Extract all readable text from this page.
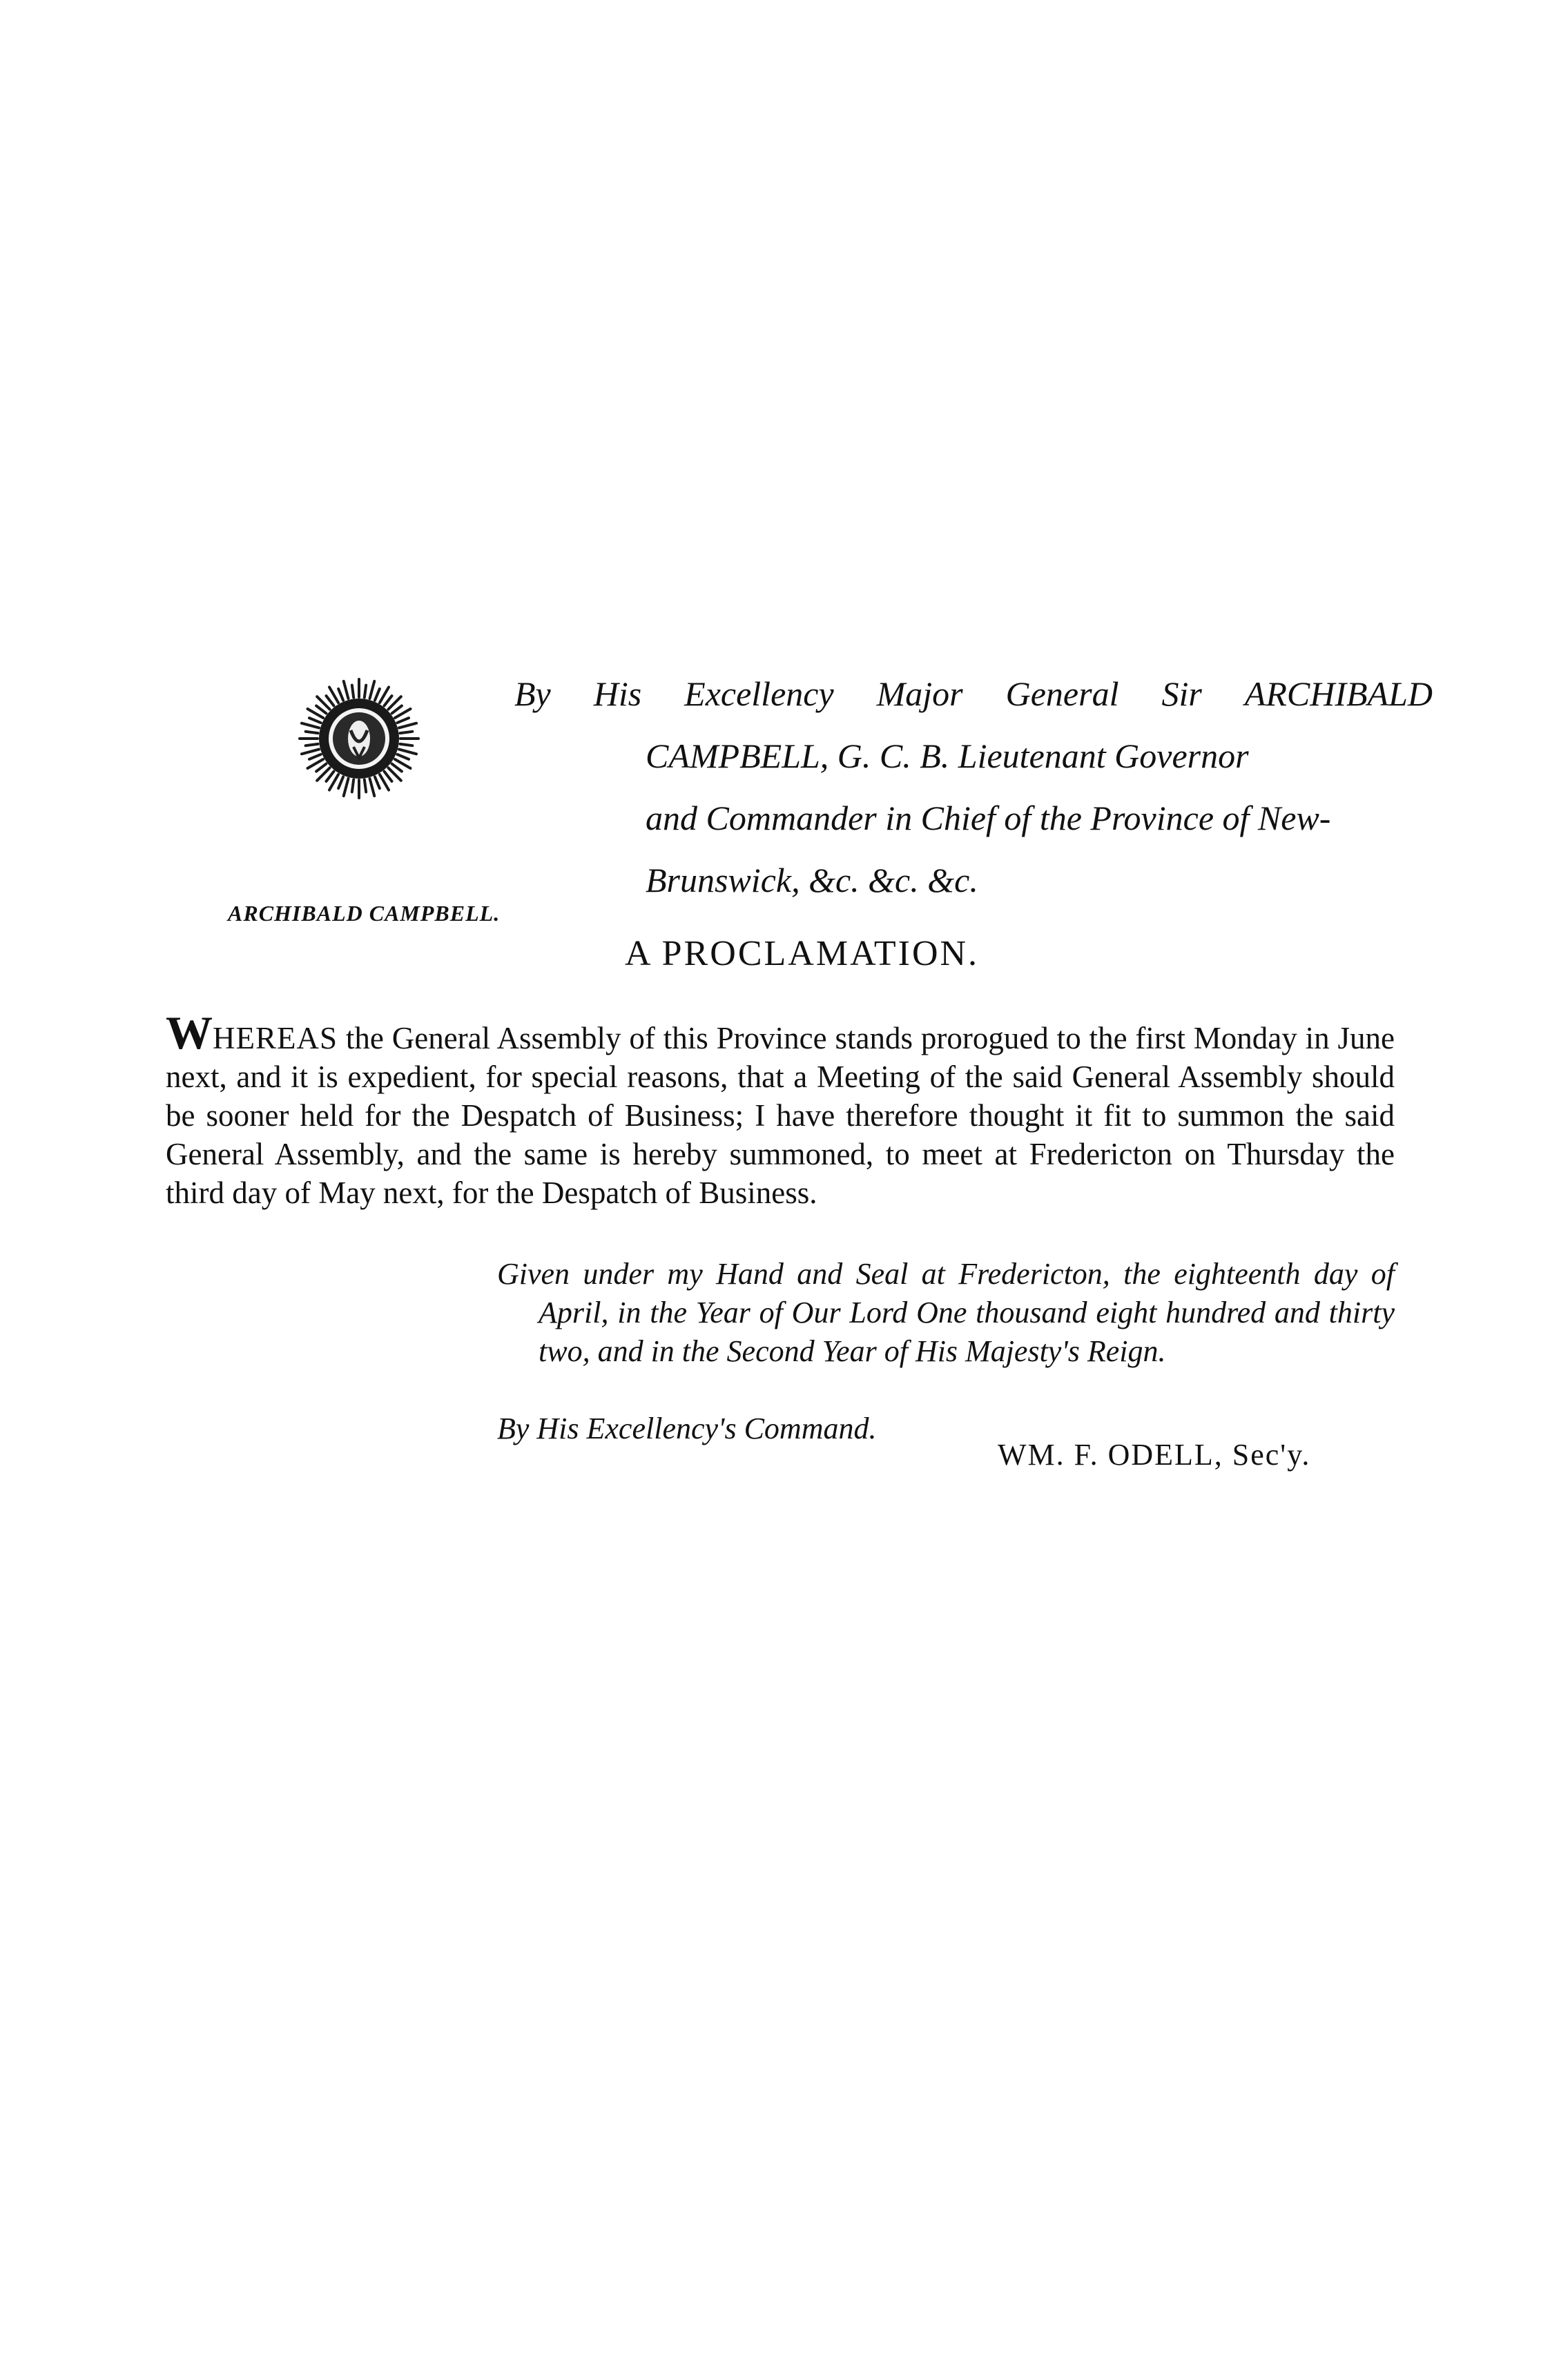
By His Excellency Major General Sir ARCHIBALD
CAMPBELL, G. C. B. Lieutenant Governor
and Commander in Chief of the Province of New-
Brunswick, &c. &c. &c.
ARCHIBALD CAMPBELL.
A PROCLAMATION.
WHEREAS the General Assembly of this Province stands prorogued to the first Monday in June next, and it is expedient, for special reasons, that a Meeting of the said General Assembly should be sooner held for the Despatch of Business; I have therefore thought it fit to summon the said General Assembly, and the same is hereby summoned, to meet at Fredericton on Thursday the third day of May next, for the Despatch of Business.
Given under my Hand and Seal at Fredericton, the eighteenth day of April, in the Year of Our Lord One thousand eight hundred and thirty two, and in the Second Year of His Majesty's Reign.
By His Excellency's Command.
WM. F. ODELL, Sec'y.
